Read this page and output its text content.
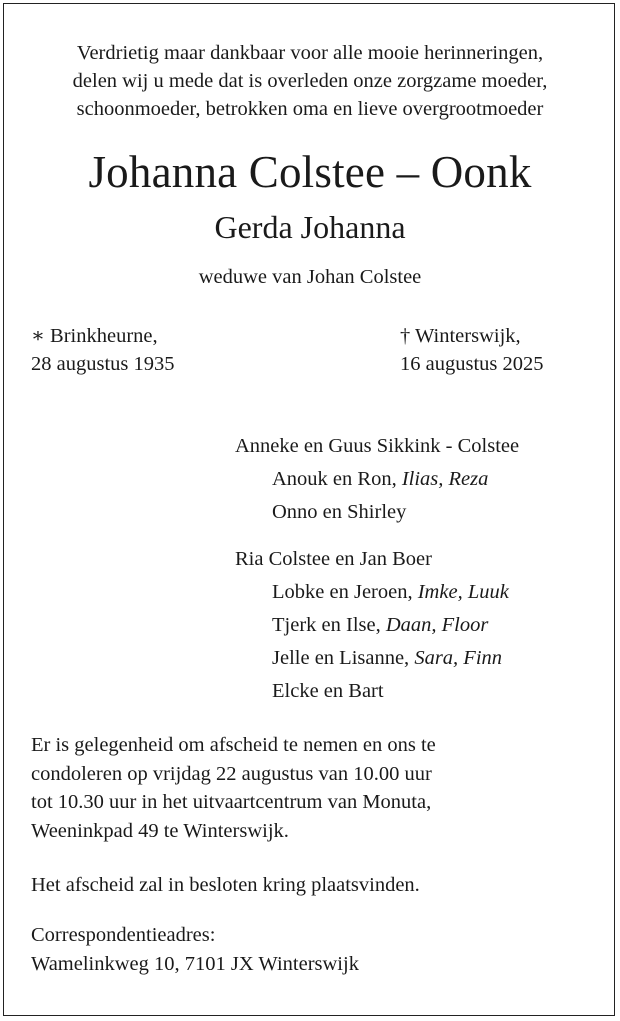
Verdrietig maar dankbaar voor alle mooie herinneringen,
delen wij u mede dat is overleden onze zorgzame moeder,
schoonmoeder, betrokken oma en lieve overgrootmoeder
Johanna Colstee – Oonk
Gerda Johanna
weduwe van Johan Colstee
∗ Brinkheurne,
28 augustus 1935
† Winterswijk,
16 augustus 2025
Anneke en Guus Sikkink - Colstee
Anouk en Ron, Ilias, Reza
Onno en Shirley
Ria Colstee en Jan Boer
Lobke en Jeroen, Imke, Luuk
Tjerk en Ilse, Daan, Floor
Jelle en Lisanne, Sara, Finn
Elcke en Bart
Er is gelegenheid om afscheid te nemen en ons te
condoleren op vrijdag 22 augustus van 10.00 uur
tot 10.30 uur in het uitvaartcentrum van Monuta,
Weeninkpad 49 te Winterswijk.
Het afscheid zal in besloten kring plaatsvinden.
Correspondentieadres:
Wamelinkweg 10, 7101 JX Winterswijk
